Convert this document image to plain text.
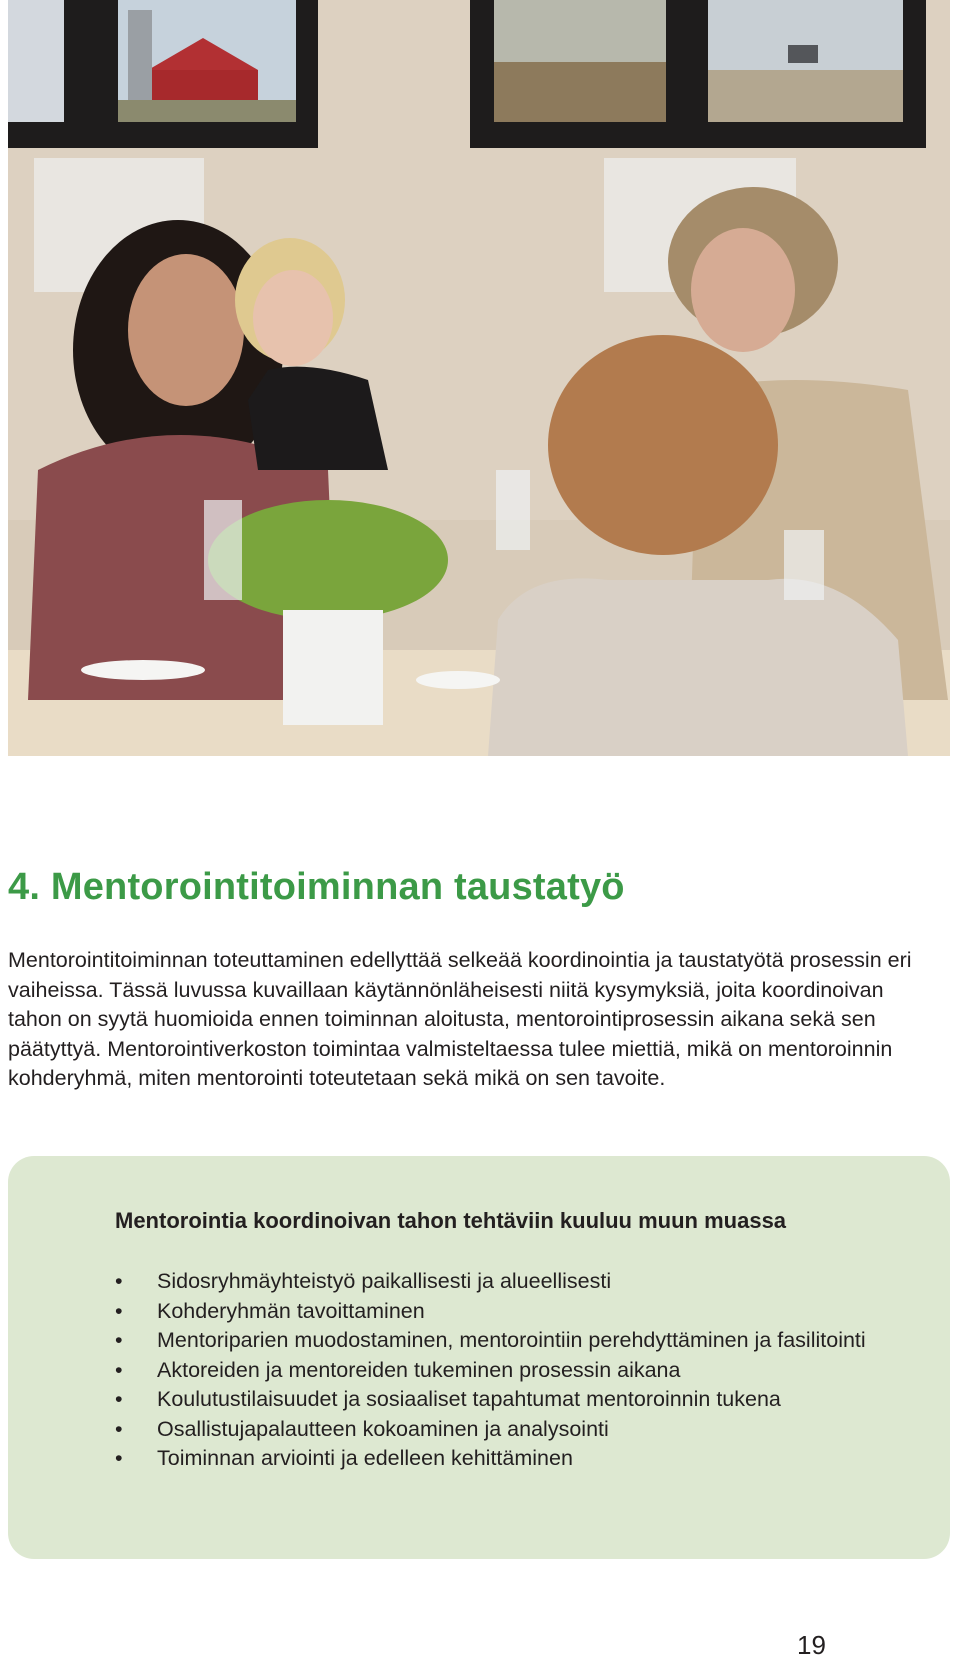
4. Mentorointitoiminnan taustatyö

Mentorointitoiminnan toteuttaminen edellyttää selkeää koordinointia ja taustatyötä prosessin eri vaiheissa. Tässä luvussa kuvaillaan käytännönläheisesti niitä kysymyksiä, joita koordinoivan tahon on syytä huomioida ennen toiminnan aloitusta, mentorointiprosessin aikana sekä sen päätyttyä. Mentorointiverkoston toimintaa valmisteltaessa tulee miettiä, mikä on mentoroinnin kohderyhmä, miten mentorointi toteutetaan sekä mikä on sen tavoite.

Mentorointia koordinoivan tahon tehtäviin kuuluu muun muassa
• Sidosryhmäyhteistyö paikallisesti ja alueellisesti
• Kohderyhmän tavoittaminen
• Mentoriparien muodostaminen, mentorointiin perehdyttäminen ja fasilitointi
• Aktoreiden ja mentoreiden tukeminen prosessin aikana
• Koulutustilaisuudet ja sosiaaliset tapahtumat mentoroinnin tukena
• Osallistujapalautteen kokoaminen ja analysointi
• Toiminnan arviointi ja edelleen kehittäminen
19
